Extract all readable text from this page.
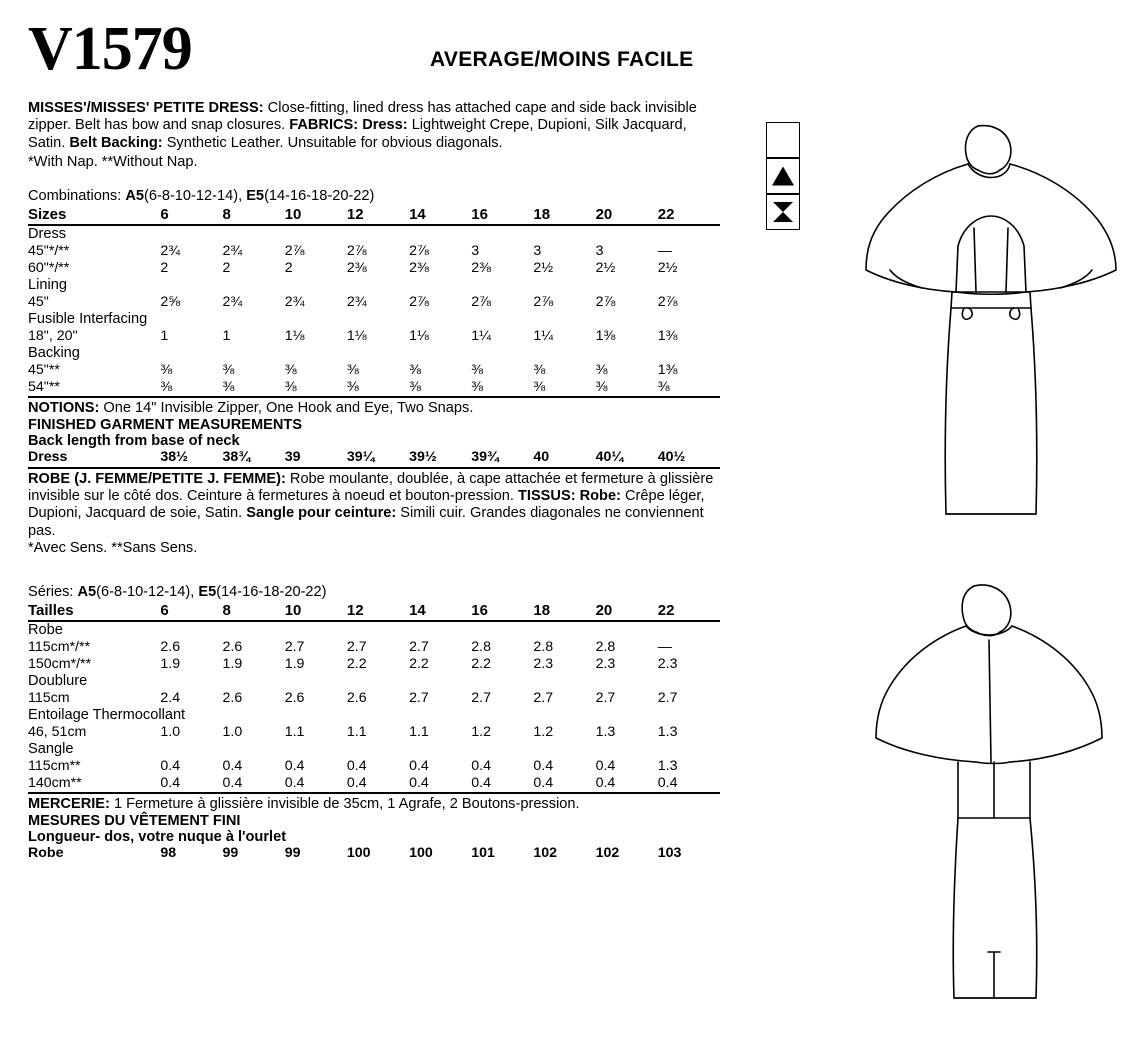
V1579	AVERAGE/MOINS FACILE
MISSES'/MISSES' PETITE DRESS: Close-fitting, lined dress has attached cape and side back invisible zipper. Belt has bow and snap closures. FABRICS: Dress: Lightweight Crepe, Dupioni, Silk Jacquard, Satin. Belt Backing: Synthetic Leather. Unsuitable for obvious diagonals.
*With Nap. **Without Nap.
Combinations: A5(6-8-10-12-14), E5(14-16-18-20-22)
Sizes	6	8	10	12	14	16	18	20	22
Dress									
45"*/**	2¾	2¾	2⅞	2⅞	2⅞	3	3	3	—
60"*/**	2	2	2	2⅜	2⅜	2⅜	2½	2½	2½
Lining									
45"	2⅝	2¾	2¾	2¾	2⅞	2⅞	2⅞	2⅞	2⅞
Fusible Interfacing									
18", 20"	1	1	1⅛	1⅛	1⅛	1¼	1¼	1⅜	1⅜
Backing									
45"**	⅜	⅜	⅜	⅜	⅜	⅜	⅜	⅜	1⅜
54"**	⅜	⅜	⅜	⅜	⅜	⅜	⅜	⅜	⅜
NOTIONS: One 14" Invisible Zipper, One Hook and Eye, Two Snaps.
FINISHED GARMENT MEASUREMENTS
Back length from base of neck
Dress	38½	38¾	39	39¼	39½	39¾	40	40¼	40½
ROBE (J. FEMME/PETITE J. FEMME): Robe moulante, doublée, à cape attachée et fermeture à glissière invisible sur le côté dos. Ceinture à fermetures à noeud et bouton-pression. TISSUS: Robe: Crêpe léger, Dupioni, Jacquard de soie, Satin. Sangle pour ceinture: Simili cuir. Grandes diagonales ne conviennent pas.
*Avec Sens. **Sans Sens.
Séries: A5(6-8-10-12-14), E5(14-16-18-20-22)
Tailles	6	8	10	12	14	16	18	20	22
Robe									
115cm*/**	2.6	2.6	2.7	2.7	2.7	2.8	2.8	2.8	—
150cm*/**	1.9	1.9	1.9	2.2	2.2	2.2	2.3	2.3	2.3
Doublure									
115cm	2.4	2.6	2.6	2.6	2.7	2.7	2.7	2.7	2.7
Entoilage Thermocollant									
46, 51cm	1.0	1.0	1.1	1.1	1.1	1.2	1.2	1.3	1.3
Sangle									
115cm**	0.4	0.4	0.4	0.4	0.4	0.4	0.4	0.4	1.3
140cm**	0.4	0.4	0.4	0.4	0.4	0.4	0.4	0.4	0.4
MERCERIE: 1 Fermeture à glissière invisible de 35cm, 1 Agrafe, 2 Boutons-pression.
MESURES DU VÊTEMENT FINI
Longueur- dos, votre nuque à l'ourlet
Robe	98	99	99	100	100	101	102	102	103
